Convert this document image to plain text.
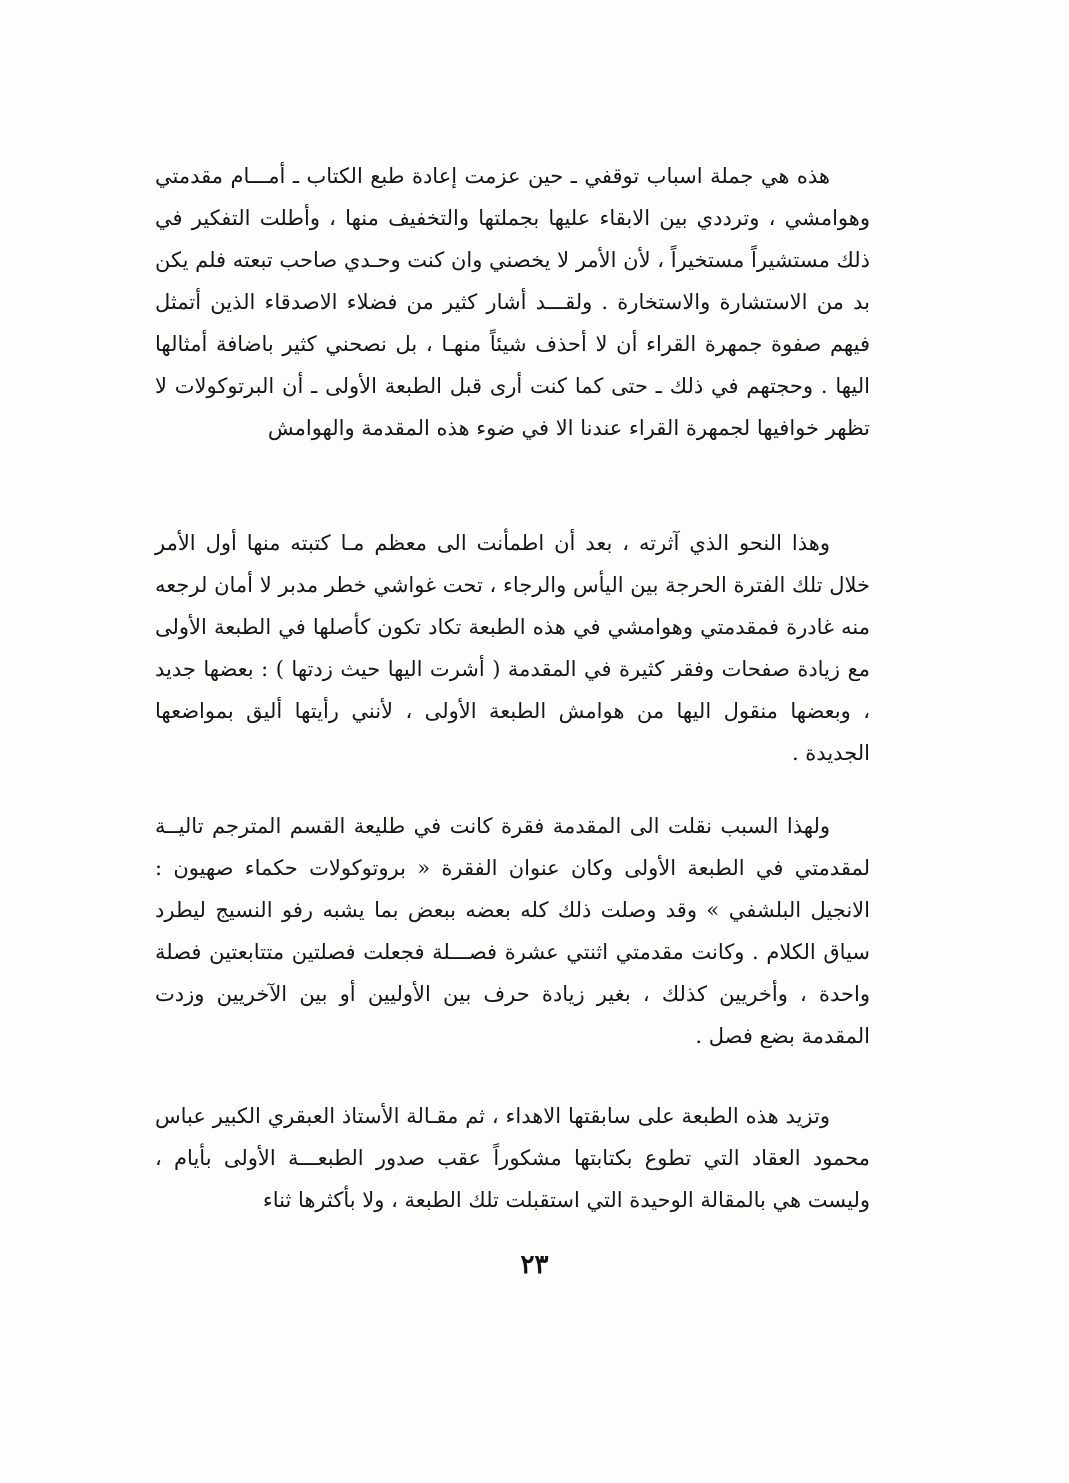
هذه هي جملة اسباب توقفي ـ حين عزمت إعادة طبع الكتاب ـ أمـــام مقدمتي وهوامشي ، وترددي بين الابقاء عليها بجملتها والتخفيف منها ، وأطلت التفكير في ذلك مستشيراً مستخيراً ، لأن الأمر لا يخصني وان كنت وحـدي صاحب تبعته فلم يكن بد من الاستشارة والاستخارة . ولقـــد أشار كثير من فضلاء الاصدقاء الذين أتمثل فيهم صفوة جمهرة القراء أن لا أحذف شيئاً منهـا ، بل نصحني كثير باضافة أمثالها اليها . وحجتهم في ذلك ـ حتى كما كنت أرى قبل الطبعة الأولى ـ أن البرتوكولات لا تظهر خوافيها لجمهرة القراء عندنا الا في ضوء هذه المقدمة والهوامش

وهذا النحو الذي آثرته ، بعد أن اطمأنت الى معظم مـا كتبته منها أول الأمر خلال تلك الفترة الحرجة بين اليأس والرجاء ، تحت غواشي خطر مدبر لا أمان لرجعه منه غادرة فمقدمتي وهوامشي في هذه الطبعة تكاد تكون كأصلها في الطبعة الأولى مع زيادة صفحات وفقر كثيرة في المقدمة ( أشرت اليها حيث زدتها ) : بعضها جديد ، وبعضها منقول اليها من هوامش الطبعة الأولى ، لأنني رأيتها أليق بمواضعها الجديدة .

ولهذا السبب نقلت الى المقدمة فقرة كانت في طليعة القسم المترجم تاليــة لمقدمتي في الطبعة الأولى وكان عنوان الفقرة « بروتوكولات حكماء صهيون : الانجيل البلشفي » وقد وصلت ذلك كله بعضه ببعض بما يشبه رفو النسيج ليطرد سياق الكلام . وكانت مقدمتي اثنتي عشرة فصـــلة فجعلت فصلتين متتابعتين فصلة واحدة ، وأخريين كذلك ، بغير زيادة حرف بين الأوليين أو بين الآخريين وزدت المقدمة بضع فصل .

وتزيد هذه الطبعة على سابقتها الاهداء ، ثم مقـالة الأستاذ العبقري الكبير عباس محمود العقاد التي تطوع بكتابتها مشكوراً عقب صدور الطبعـــة الأولى بأيام ، وليست هي بالمقالة الوحيدة التي استقبلت تلك الطبعة ، ولا بأكثرها ثناء

٢٣
